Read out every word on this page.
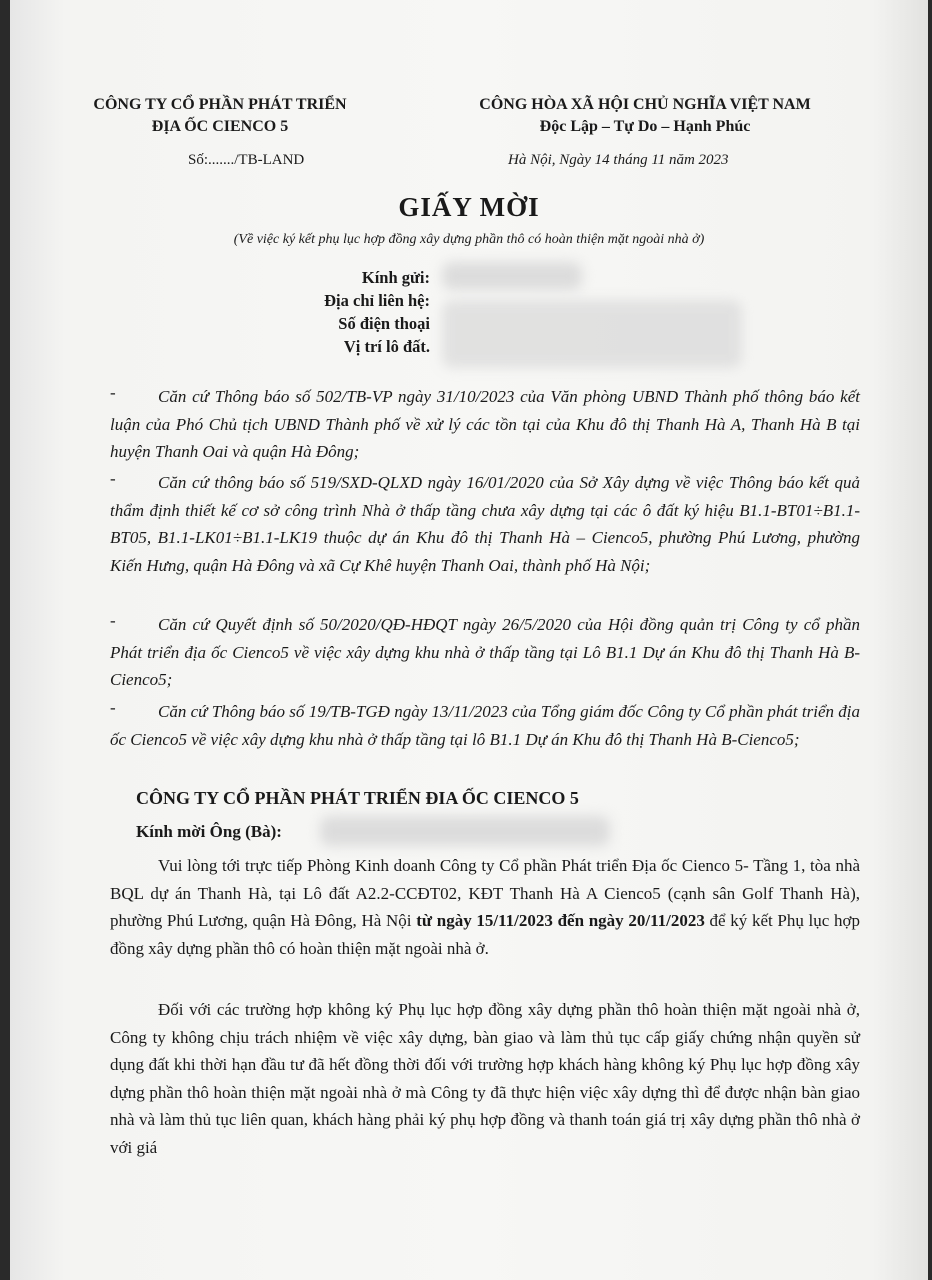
CÔNG TY CỔ PHẦN PHÁT TRIỂN
ĐỊA ỐC CIENCO 5
CÔNG HÒA XÃ HỘI CHỦ NGHĨA VIỆT NAM
Độc Lập – Tự Do – Hạnh Phúc
Số:......./TB-LAND	Hà Nội, Ngày 14 tháng 11 năm 2023
GIẤY MỜI
(Về việc ký kết phụ lục hợp đồng xây dựng phần thô có hoàn thiện mặt ngoài nhà ở)
Kính gửi:
Địa chỉ liên hệ:
Số điện thoại
Vị trí lô đất.
-	Căn cứ Thông báo số 502/TB-VP ngày 31/10/2023 của Văn phòng UBND Thành phố thông báo kết luận của Phó Chủ tịch UBND Thành phố về xử lý các tồn tại của Khu đô thị Thanh Hà A, Thanh Hà B tại huyện Thanh Oai và quận Hà Đông;
-	Căn cứ thông báo số 519/SXD-QLXD ngày 16/01/2020 của Sở Xây dựng về việc Thông báo kết quả thẩm định thiết kế cơ sở công trình Nhà ở thấp tầng chưa xây dựng tại các ô đất ký hiệu B1.1-BT01÷B1.1-BT05, B1.1-LK01÷B1.1-LK19 thuộc dự án Khu đô thị Thanh Hà – Cienco5, phường Phú Lương, phường Kiến Hưng, quận Hà Đông và xã Cự Khê huyện Thanh Oai, thành phố Hà Nội;
-	Căn cứ Quyết định số 50/2020/QĐ-HĐQT ngày 26/5/2020 của Hội đồng quản trị Công ty cổ phần Phát triển địa ốc Cienco5 về việc xây dựng khu nhà ở thấp tầng tại Lô B1.1 Dự án Khu đô thị Thanh Hà B- Cienco5;
-	Căn cứ Thông báo số 19/TB-TGĐ ngày 13/11/2023 của Tổng giám đốc Công ty Cổ phần phát triển địa ốc Cienco5 về việc xây dựng khu nhà ở thấp tầng tại lô B1.1 Dự án Khu đô thị Thanh Hà B-Cienco5;
CÔNG TY CỔ PHẦN PHÁT TRIỂN ĐIA ỐC CIENCO 5
Kính mời Ông (Bà):
Vui lòng tới trực tiếp Phòng Kinh doanh Công ty Cổ phần Phát triển Địa ốc Cienco 5- Tầng 1, tòa nhà BQL dự án Thanh Hà, tại Lô đất A2.2-CCĐT02, KĐT Thanh Hà A Cienco5 (cạnh sân Golf Thanh Hà), phường Phú Lương, quận Hà Đông, Hà Nội từ ngày 15/11/2023 đến ngày 20/11/2023 để ký kết Phụ lục hợp đồng xây dựng phần thô có hoàn thiện mặt ngoài nhà ở.
Đối với các trường hợp không ký Phụ lục hợp đồng xây dựng phần thô hoàn thiện mặt ngoài nhà ở, Công ty không chịu trách nhiệm về việc xây dựng, bàn giao và làm thủ tục cấp giấy chứng nhận quyền sử dụng đất khi thời hạn đầu tư đã hết đồng thời đối với trường hợp khách hàng không ký Phụ lục hợp đồng xây dựng phần thô hoàn thiện mặt ngoài nhà ở mà Công ty đã thực hiện việc xây dựng thì để được nhận bàn giao nhà và làm thủ tục liên quan, khách hàng phải ký phụ hợp đồng và thanh toán giá trị xây dựng phần thô nhà ở với giá
